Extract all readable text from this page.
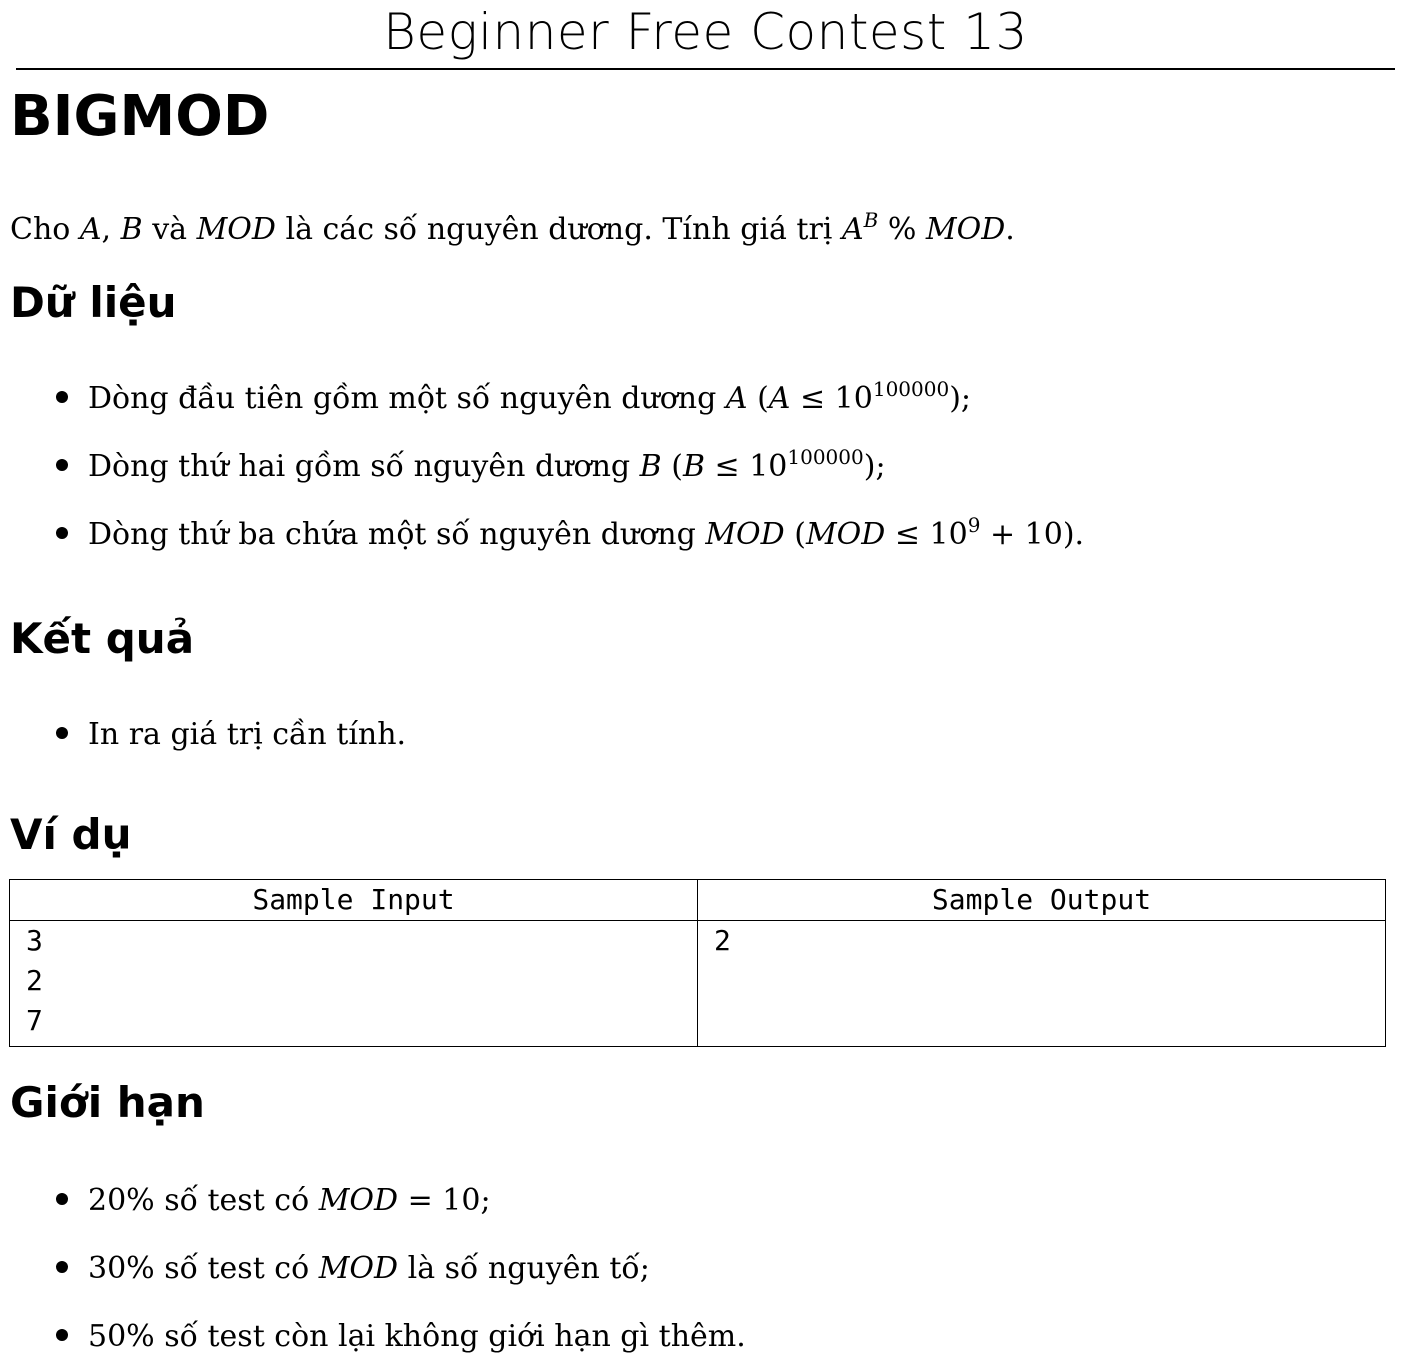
Beginner Free Contest 13
BIGMOD
Cho A, B và MOD là các số nguyên dương. Tính giá trị $A^B$ % MOD.
Dữ liệu
Dòng đầu tiên gồm một số nguyên dương A $(A \le 10^{100000})$;
Dòng thứ hai gồm số nguyên dương B $(B \le 10^{100000})$;
Dòng thứ ba chứa một số nguyên dương MOD $(MOD \le 10^9 + 10)$.
Kết quả
In ra giá trị cần tính.
Ví dụ
Sample Input
3
2
7
Sample Output
2
Giới hạn
20% số test có MOD = 10;
30% số test có MOD là số nguyên tố;
50% số test còn lại không giới hạn gì thêm.
